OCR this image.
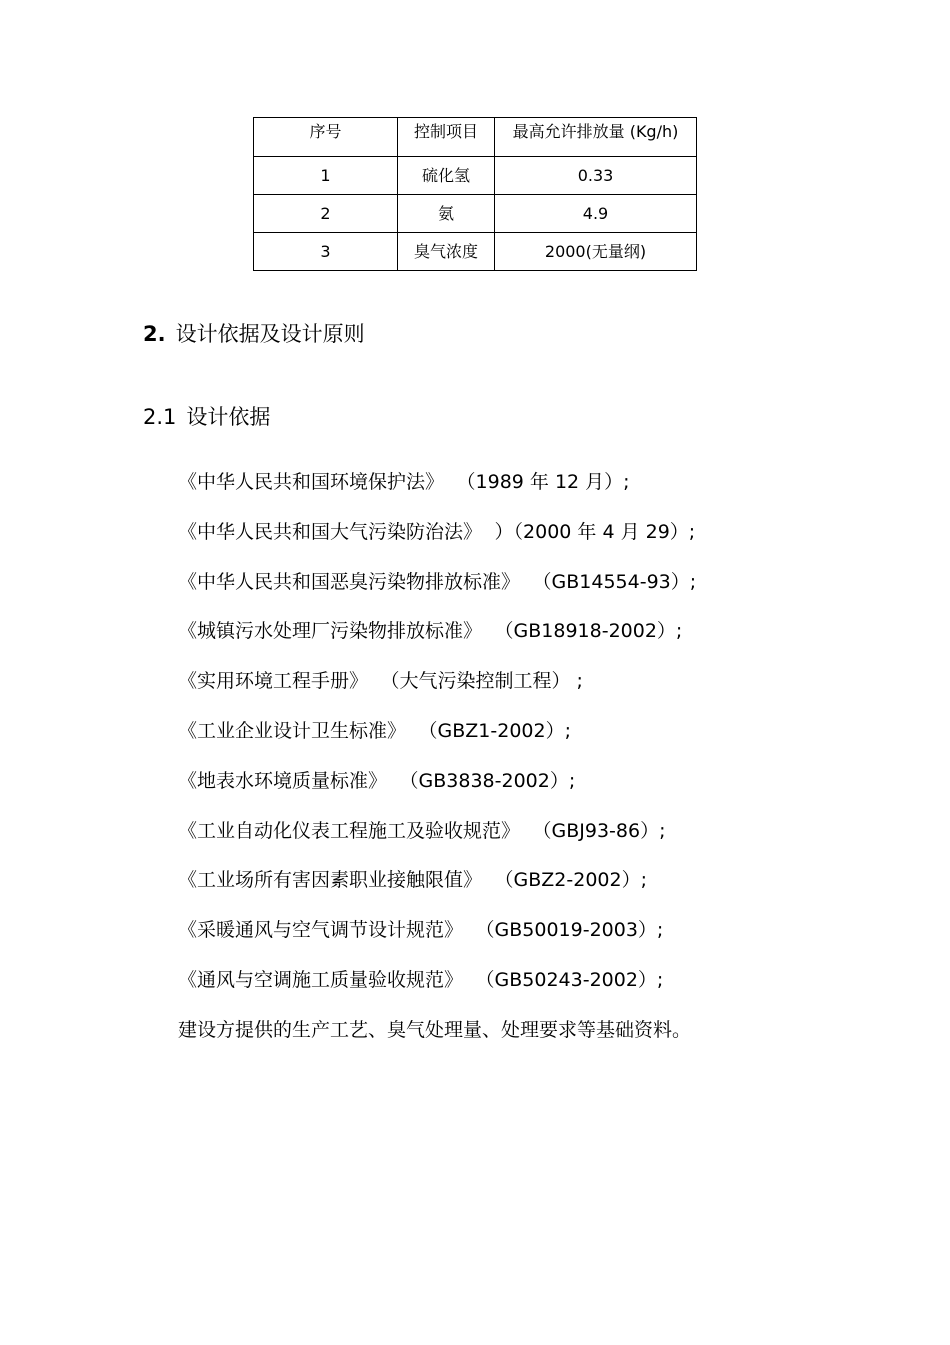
序号	控制项目	最高允许排放量 (Kg/h)
1	硫化氢	0.33
2	氨	4.9
3	臭气浓度	2000(无量纲)
2. 设计依据及设计原则
2.1 设计依据
《中华人民共和国环境保护法》 （1989 年 12 月）;
《中华人民共和国大气污染防治法》 ）（2000 年 4 月 29）;
《中华人民共和国恶臭污染物排放标准》 （GB14554-93）;
《城镇污水处理厂污染物排放标准》 （GB18918-2002）;
《实用环境工程手册》 （大气污染控制工程） ;
《工业企业设计卫生标准》 （GBZ1-2002）;
《地表水环境质量标准》 （GB3838-2002）;
《工业自动化仪表工程施工及验收规范》 （GBJ93-86）;
《工业场所有害因素职业接触限值》 （GBZ2-2002）;
《采暖通风与空气调节设计规范》 （GB50019-2003）;
《通风与空调施工质量验收规范》 （GB50243-2002）;
建设方提供的生产工艺、臭气处理量、处理要求等基础资料。
